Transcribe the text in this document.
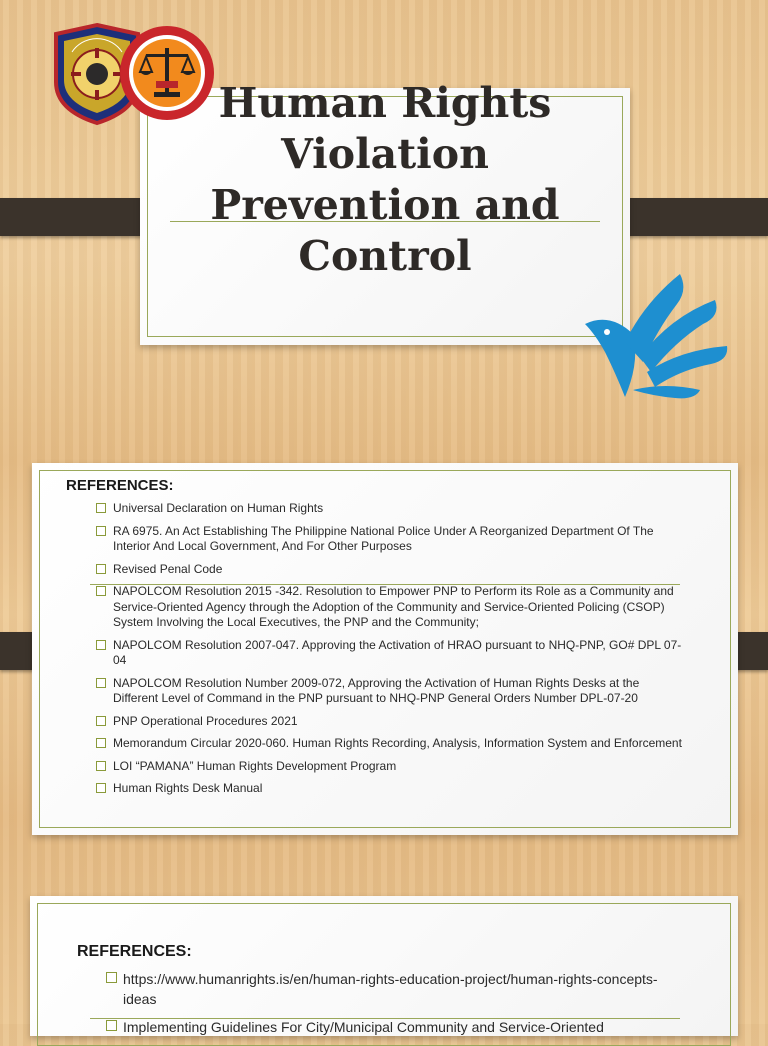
Human Rights Violation Prevention and Control
REFERENCES:
Universal Declaration on Human Rights
RA 6975. An Act Establishing The Philippine National Police Under A Reorganized Department Of The Interior And Local Government, And For Other Purposes
Revised Penal Code
NAPOLCOM Resolution 2015 -342. Resolution to Empower PNP to Perform its Role as a Community and Service-Oriented Agency through the Adoption of the Community and Service-Oriented Policing (CSOP) System Involving the Local Executives, the PNP and the Community;
NAPOLCOM Resolution 2007-047. Approving the Activation of HRAO pursuant to NHQ-PNP, GO# DPL 07-04
NAPOLCOM Resolution Number 2009-072, Approving the Activation of Human Rights Desks at the Different Level of Command in the PNP pursuant to NHQ-PNP General Orders Number DPL-07-20
PNP Operational Procedures 2021
Memorandum Circular 2020-060. Human Rights Recording, Analysis, Information System and Enforcement
LOI “PAMANA” Human Rights Development Program
Human Rights Desk Manual
REFERENCES:
https://www.humanrights.is/en/human-rights-education-project/human-rights-concepts-ideas
Implementing Guidelines For City/Municipal Community and Service-Oriented
